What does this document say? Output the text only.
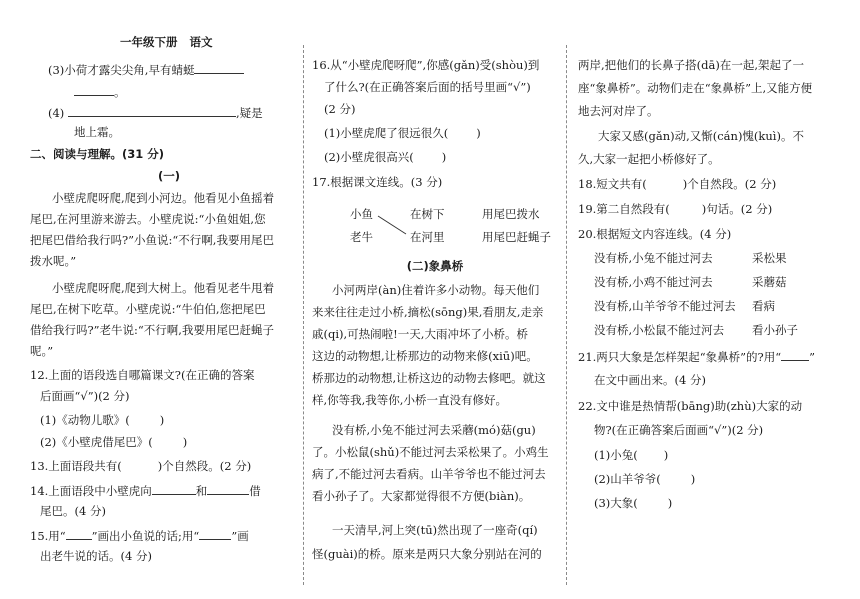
一年级下册 语文
(3)小荷才露尖尖角,早有蜻蜓
。
(4)	,疑是
地上霜。
二、阅读与理解。(31 分)
(一)
小壁虎爬呀爬,爬到小河边。他看见小鱼摇着
尾巴,在河里游来游去。小壁虎说:“小鱼姐姐,您
把尾巴借给我行吗?”小鱼说:“不行啊,我要用尾巴
拨水呢。”
小壁虎爬呀爬,爬到大树上。他看见老牛甩着
尾巴,在树下吃草。小壁虎说:“牛伯伯,您把尾巴
借给我行吗?”老牛说:“不行啊,我要用尾巴赶蝇子
呢。”
12.上面的语段选自哪篇课文?(在正确的答案
后面画“√”)(2 分)
(1)《动物儿歌》(	)
(2)《小壁虎借尾巴》(	)
13.上面语段共有(	)个自然段。(2 分)
14.上面语段中小壁虎向	和	借
尾巴。(4 分)
15.用“ ”画出小鱼说的话;用“	”画
出老牛说的话。(4 分)
16.从“小壁虎爬呀爬”,你感(gǎn)受(shòu)到
了什么?(在正确答案后面的括号里画“√”)
(2 分)
(1)小壁虎爬了很远很久( )
(2)小壁虎很高兴( )
17.根据课文连线。(3 分)
小鱼	在树下	用尾巴拨水
老牛	在河里	用尾巴赶蝇子
(二)象鼻桥
小河两岸(àn)住着许多小动物。每天他们
来来往往走过小桥,摘松(sōng)果,看朋友,走亲
戚(qi),可热闹啦!一天,大雨冲坏了小桥。桥
这边的动物想,让桥那边的动物来修(xiū)吧。
桥那边的动物想,让桥这边的动物去修吧。就这
样,你等我,我等你,小桥一直没有修好。
没有桥,小兔不能过河去采蘑(mó)菇(gu)
了。小松鼠(shǔ)不能过河去采松果了。小鸡生
病了,不能过河去看病。山羊爷爷也不能过河去
看小孙子了。大家都觉得很不方便(biàn)。
一天清早,河上突(tū)然出现了一座奇(qí)
怪(guài)的桥。原来是两只大象分别站在河的
两岸,把他们的长鼻子搭(dā)在一起,架起了一
座“象鼻桥”。动物们走在“象鼻桥”上,又能方便
地去河对岸了。
大家又感(gǎn)动,又惭(cán)愧(kuì)。不
久,大家一起把小桥修好了。
18.短文共有(	)个自然段。(2 分)
19.第二自然段有(	)句话。(2 分)
20.根据短文内容连线。(4 分)
没有桥,小兔不能过河去	采松果
没有桥,小鸡不能过河去	采蘑菇
没有桥,山羊爷爷不能过河去	看病
没有桥,小松鼠不能过河去	看小孙子
21.两只大象是怎样架起“象鼻桥”的?用“ ”
在文中画出来。(4 分)
22.文中谁是热情帮(bāng)助(zhù)大家的动
物?(在正确答案后面画“√”)(2 分)
(1)小兔( )
(2)山羊爷爷(	)
(3)大象(	)
